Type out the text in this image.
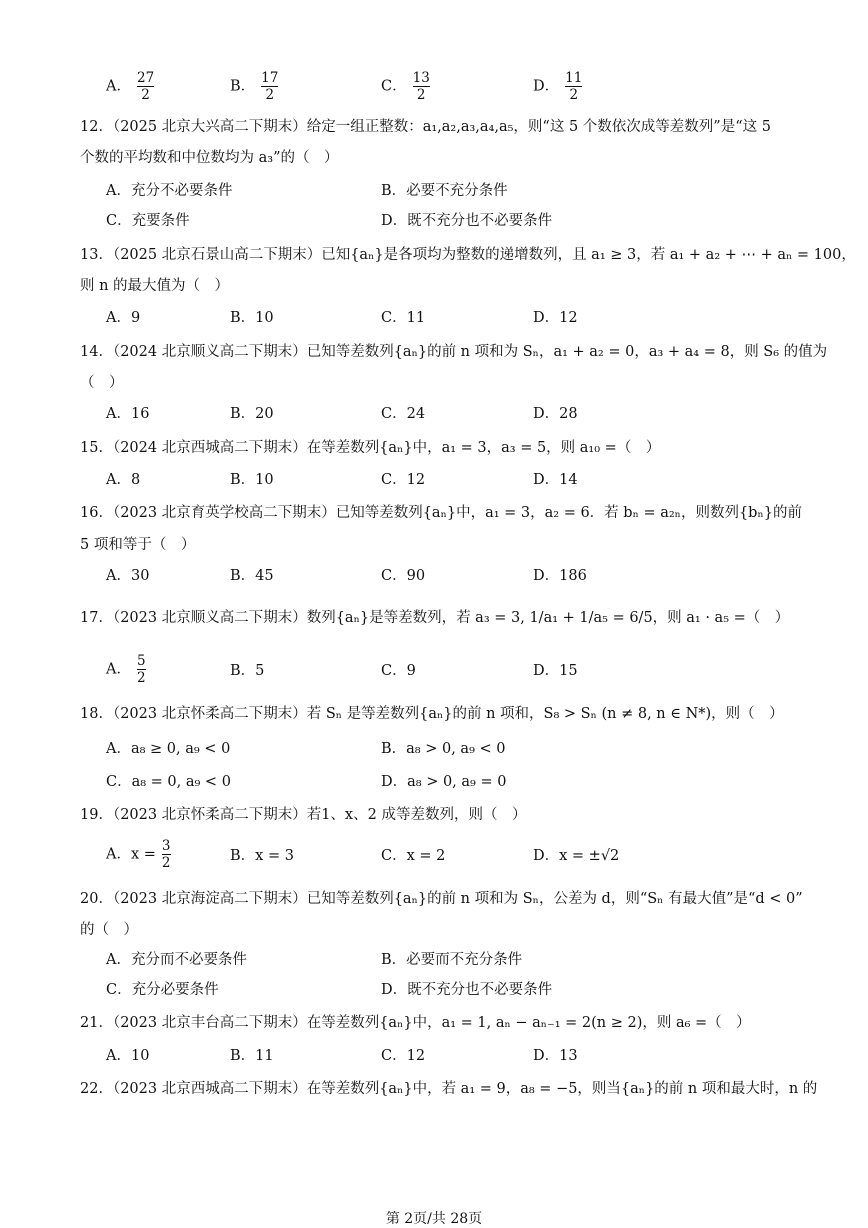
A． $\frac{27}{2}$	B． $\frac{17}{2}$	C． $\frac{13}{2}$	D． $\frac{11}{2}$
12．（2025 北京大兴高二下期末）给定一组正整数：a₁,a₂,a₃,a₄,a₅，则“这 5 个数依次成等差数列”是“这 5
个数的平均数和中位数均为 a₃”的（　）
A．充分不必要条件	B．必要不充分条件
C．充要条件	D．既不充分也不必要条件
13．（2025 北京石景山高二下期末）已知{aₙ}是各项均为整数的递增数列，且 a₁ ≥ 3，若 a₁ + a₂ + ⋯ + aₙ = 100，
则 n 的最大值为（　）
A．9	B．10	C．11	D．12
14．（2024 北京顺义高二下期末）已知等差数列{aₙ}的前 n 项和为 Sₙ，a₁ + a₂ = 0，a₃ + a₄ = 8，则 S₆ 的值为
（　）
A．16	B．20	C．24	D．28
15．（2024 北京西城高二下期末）在等差数列{aₙ}中，a₁ = 3，a₃ = 5，则 a₁₀ =（　）
A．8	B．10	C．12	D．14
16．（2023 北京育英学校高二下期末）已知等差数列{aₙ}中，a₁ = 3，a₂ = 6．若 bₙ = a₂ₙ，则数列{bₙ}的前
5 项和等于（　）
A．30	B．45	C．90	D．186
17．（2023 北京顺义高二下期末）数列{aₙ}是等差数列，若 a₃ = 3, 1/a₁ + 1/a₅ = 6/5，则 a₁ · a₅ =（　）
A． $\frac{5}{2}$	B．5	C．9	D．15
18．（2023 北京怀柔高二下期末）若 Sₙ 是等差数列{aₙ}的前 n 项和，S₈ > Sₙ (n ≠ 8, n ∈ N*)，则（　）
A．a₈ ≥ 0, a₉ < 0	B．a₈ > 0, a₉ < 0
C．a₈ = 0, a₉ < 0	D．a₈ > 0, a₉ = 0
19．（2023 北京怀柔高二下期末）若1、x、2 成等差数列，则（　）
A．$x = \frac{3}{2}$	B．x = 3	C．x = 2	D．x = ±√2
20．（2023 北京海淀高二下期末）已知等差数列{aₙ}的前 n 项和为 Sₙ，公差为 d，则“Sₙ 有最大值”是“d < 0”
的（　）
A．充分而不必要条件	B．必要而不充分条件
C．充分必要条件	D．既不充分也不必要条件
21．（2023 北京丰台高二下期末）在等差数列{aₙ}中，a₁ = 1, aₙ − aₙ₋₁ = 2(n ≥ 2)，则 a₆ =（　）
A．10	B．11	C．12	D．13
22．（2023 北京西城高二下期末）在等差数列{aₙ}中，若 a₁ = 9，a₈ = −5，则当{aₙ}的前 n 项和最大时，n 的
第 2页/共 28页
